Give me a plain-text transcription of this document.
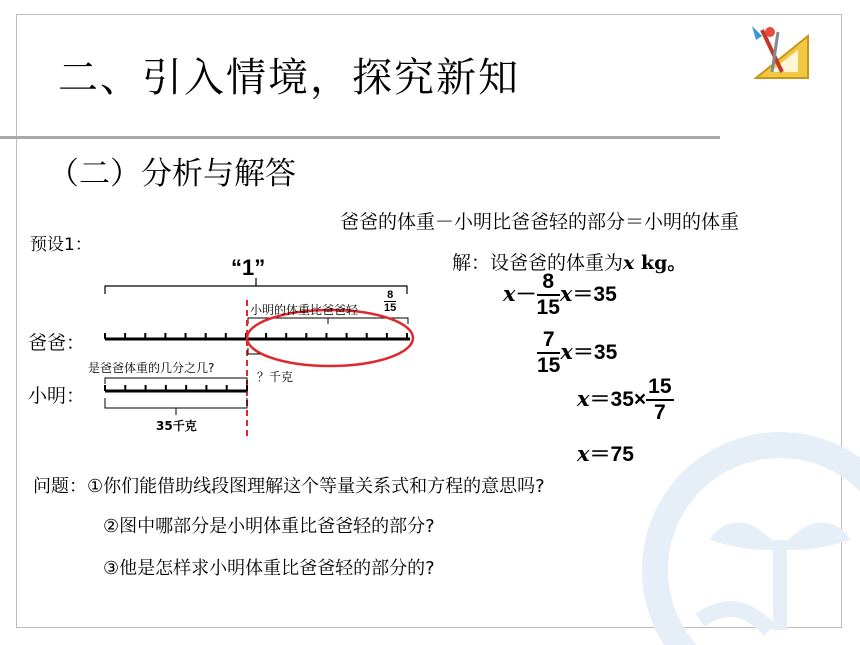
二、引入情境，探究新知
（二）分析与解答
预设1：
爸爸的体重－小明比爸爸轻的部分＝小明的体重
解：设爸爸的体重为x kg。
“1”
爸爸：
小明：
小明的体重比爸爸轻
8
15
是爸爸体重的几分之几?
？千克
35千克
$x- \frac{8}{15} x=35$
$\frac{7}{15} x=35$
$x=35\times \frac{15}{7}$
x＝75
问题：①你们能借助线段图理解这个等量关系式和方程的意思吗?
②图中哪部分是小明体重比爸爸轻的部分?
③他是怎样求小明体重比爸爸轻的部分的?
